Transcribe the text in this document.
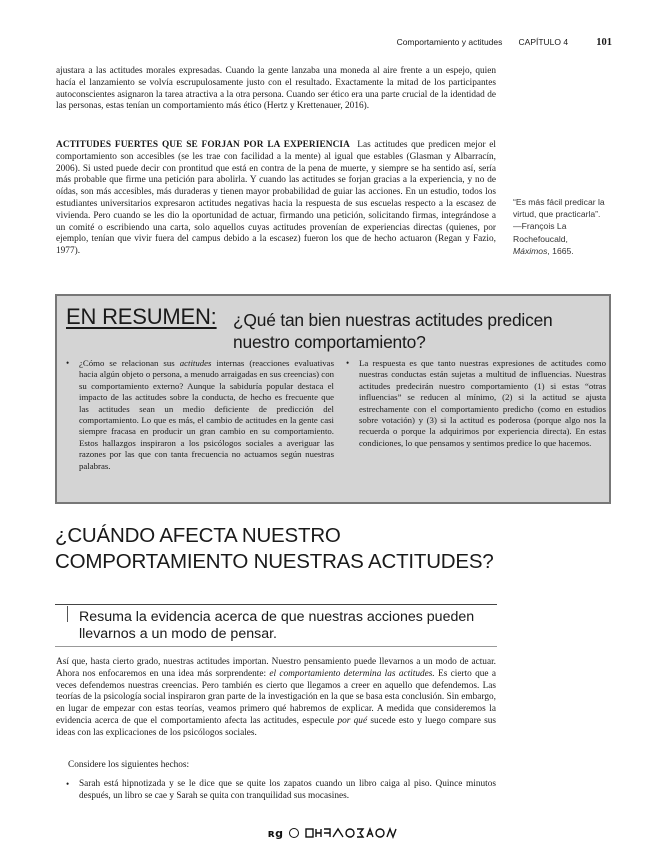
Comportamiento y actitudes CAPÍTULO 4	101

ajustara a las actitudes morales expresadas. Cuando la gente lanzaba una moneda al aire frente a un espejo, quien hacía el lanzamiento se volvía escrupulosamente justo con el resultado. Exactamente la mitad de los participantes autoconscientes asignaron la tarea atractiva a la otra persona. Cuando ser ético era una parte crucial de la identidad de las personas, estas tenían un comportamiento más ético (Hertz y Krettenauer, 2016).

ACTITUDES FUERTES QUE SE FORJAN POR LA EXPERIENCIA Las actitudes que predicen mejor el comportamiento son accesibles (se les trae con facilidad a la mente) al igual que estables (Glasman y Albarracín, 2006). Si usted puede decir con prontitud que está en contra de la pena de muerte, y siempre se ha sentido así, sería más probable que firme una petición para abolirla. Y cuando las actitudes se forjan gracias a la experiencia, y no de oídas, son más accesibles, más duraderas y tienen mayor probabilidad de guiar las acciones. En un estudio, todos los estudiantes universitarios expresaron actitudes negativas hacia la respuesta de sus escuelas respecto a la escasez de vivienda. Pero cuando se les dio la oportunidad de actuar, firmando una petición, solicitando firmas, integrándose a un comité o escribiendo una carta, solo aquellos cuyas actitudes provenían de experiencias directas (quienes, por ejemplo, tenían que vivir fuera del campus debido a la escasez) fueron los que de hecho actuaron (Regan y Fazio, 1977).

“Es más fácil predicar la virtud, que practicarla”.
—François La Rochefoucald,
Máximos, 1665.
EN RESUMEN: ¿Qué tan bien nuestras actitudes predicen nuestro comportamiento?
•	¿Cómo se relacionan sus actitudes internas (reacciones evaluativas hacia algún objeto o persona, a menudo arraigadas en sus creencias) con su comportamiento externo? Aunque la sabiduría popular destaca el impacto de las actitudes sobre la conducta, de hecho es frecuente que las actitudes sean un medio deficiente de predicción del comportamiento. Lo que es más, el cambio de actitudes en la gente casi siempre fracasa en producir un gran cambio en su comportamiento. Estos hallazgos inspiraron a los psicólogos sociales a averiguar las razones por las que con tanta frecuencia no actuamos según nuestras palabras.
•	La respuesta es que tanto nuestras expresiones de actitudes como nuestras conductas están sujetas a multitud de influencias. Nuestras actitudes predecirán nuestro comportamiento (1) si estas “otras influencias” se reducen al mínimo, (2) si la actitud se ajusta estrechamente con el comportamiento predicho (como en estudios sobre votación) y (3) si la actitud es poderosa (porque algo nos la recuerda o porque la adquirimos por experiencia directa). En estas condiciones, lo que pensamos y sentimos predice lo que hacemos.
¿CUÁNDO AFECTA NUESTRO COMPORTAMIENTO NUESTRAS ACTITUDES?
Resuma la evidencia acerca de que nuestras acciones pueden llevarnos a un modo de pensar.

Así que, hasta cierto grado, nuestras actitudes importan. Nuestro pensamiento puede llevarnos a un modo de actuar. Ahora nos enfocaremos en una idea más sorprendente: el comportamiento determina las actitudes. Es cierto que a veces defendemos nuestras creencias. Pero también es cierto que llegamos a creer en aquello que defendemos. Las teorías de la psicología social inspiraron gran parte de la investigación en la que se basa esta conclusión. Sin embargo, en lugar de empezar con estas teorías, veamos primero qué habremos de explicar. A medida que consideremos la evidencia acerca de que el comportamiento afecta las actitudes, especule por qué sucede esto y luego compare sus ideas con las explicaciones de los psicólogos sociales.

Considere los siguientes hechos:

•	Sarah está hipnotizada y se le dice que se quite los zapatos cuando un libro caiga al piso. Quince minutos después, un libro se cae y Sarah se quita con tranquilidad sus mocasines.
ʀg
